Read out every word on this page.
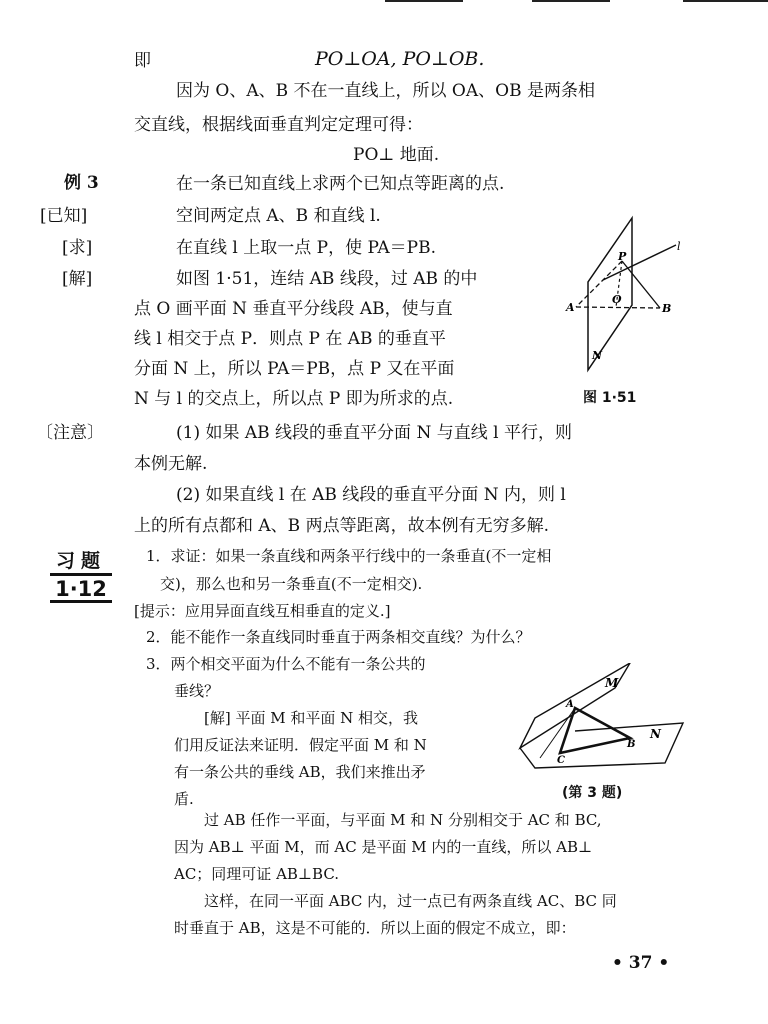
即	PO⊥OA, PO⊥OB.
因为 O、A、B 不在一直线上，所以 OA、OB 是两条相
交直线，根据线面垂直判定定理可得：
PO⊥ 地面.
例 3	在一条已知直线上求两个已知点等距离的点.
[已知]	空间两定点 A、B 和直线 l.
[求]	在直线 l 上取一点 P，使 PA＝PB.
[解]	如图 1·51，连结 AB 线段，过 AB 的中
点 O 画平面 N 垂直平分线段 AB，使与直
线 l 相交于点 P．则点 P 在 AB 的垂直平
分面 N 上，所以 PA＝PB，点 P 又在平面
N 与 l 的交点上，所以点 P 即为所求的点.
l
P
A
O
B
N
图 1·51
〔注意〕	(1) 如果 AB 线段的垂直平分面 N 与直线 l 平行，则
本例无解.
(2) 如果直线 l 在 AB 线段的垂直平分面 N 内，则 l
上的所有点都和 A、B 两点等距离，故本例有无穷多解.
习题
1·12
1．求证：如果一条直线和两条平行线中的一条垂直(不一定相
交)，那么也和另一条垂直(不一定相交).
[提示：应用异面直线互相垂直的定义.]
2．能不能作一条直线同时垂直于两条相交直线？为什么？
3．两个相交平面为什么不能有一条公共的
垂线？
[解] 平面 M 和平面 N 相交，我
们用反证法来证明．假定平面 M 和 N
有一条公共的垂线 AB，我们来推出矛
盾.
M
A
B
C
N
(第 3 题)
过 AB 任作一平面，与平面 M 和 N 分别相交于 AC 和 BC,
因为 AB⊥ 平面 M，而 AC 是平面 M 内的一直线，所以 AB⊥
AC；同理可证 AB⊥BC.
这样，在同一平面 ABC 内，过一点已有两条直线 AC、BC 同
时垂直于 AB，这是不可能的．所以上面的假定不成立，即：
• 37 •
